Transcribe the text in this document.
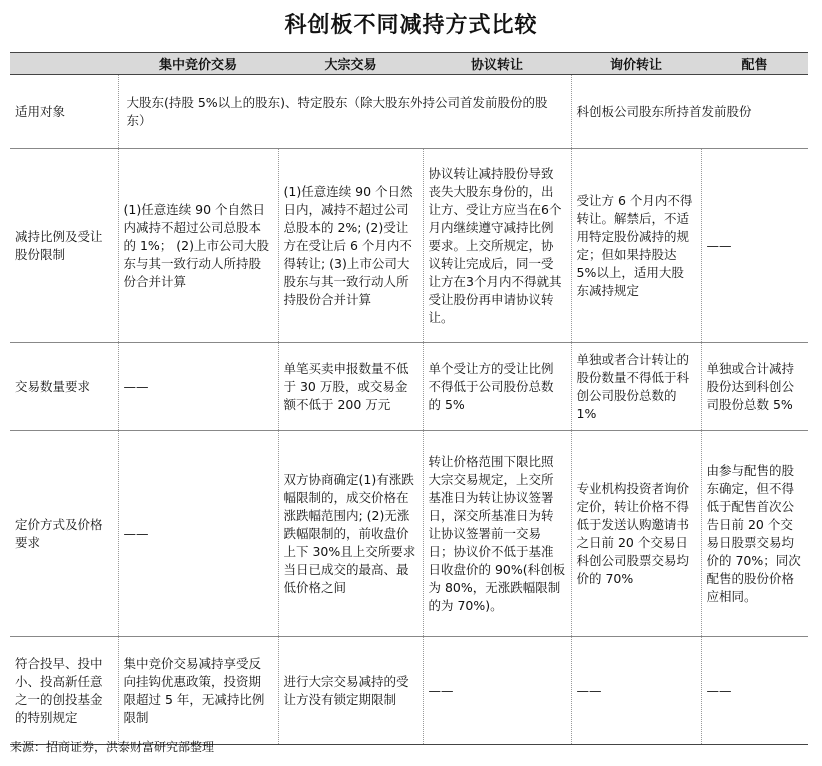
科创板不同减持方式比较
	集中竞价交易	大宗交易	协议转让	询价转让	配售
适用对象	大股东(持股 5%以上的股东)、特定股东（除大股东外持公司首发前股份的股东）			科创板公司股东所持首发前股份	
减持比例及受让股份限制	(1)任意连续 90 个自然日内减持不超过公司总股本的 1%； (2)上市公司大股东与其一致行动人所持股份合并计算	(1)任意连续 90 个日然日内，减持不超过公司总股本的 2%; (2)受让方在受让后 6 个月内不得转让; (3)上市公司大股东与其一致行动人所持股份合并计算	协议转让减持股份导致丧失大股东身份的，出让方、受让方应当在6个月内继续遵守减持比例要求。上交所规定，协议转让完成后，同一受让方在3个月内不得就其受让股份再申请协议转让。	受让方 6 个月内不得转让。解禁后，不适用特定股份减持的规定；但如果持股达 5%以上，适用大股东减持规定	——
交易数量要求	——	单笔买卖申报数量不低于 30 万股，或交易金额不低于 200 万元	单个受让方的受让比例不得低于公司股份总数的 5%	单独或者合计转让的股份数量不得低于科创公司股份总数的 1%	单独或合计减持股份达到科创公司股份总数 5%
定价方式及价格要求	——	双方协商确定(1)有涨跌幅限制的，成交价格在涨跌幅范围内; (2)无涨跌幅限制的，前收盘价上下 30%且上交所要求当日已成交的最高、最低价格之间	转让价格范围下限比照大宗交易规定，上交所基准日为转让协议签署日，深交所基准日为转让协议签署前一交易日；协议价不低于基准日收盘价的 90%(科创板为 80%，无涨跌幅限制的为 70%)。	专业机构投资者询价定价，转让价格不得低于发送认购邀请书之日前 20 个交易日科创公司股票交易均价的 70%	由参与配售的股东确定，但不得低于配售首次公告日前 20 个交易日股票交易均价的 70%；同次配售的股份价格应相同。
符合投早、投中小、投高新任意之一的创投基金的特别规定	集中竞价交易减持享受反向挂钩优惠政策，投资期限超过 5 年，无减持比例限制	进行大宗交易减持的受让方没有锁定期限制	——	——	——
来源：招商证券，洪泰财富研究部整理
